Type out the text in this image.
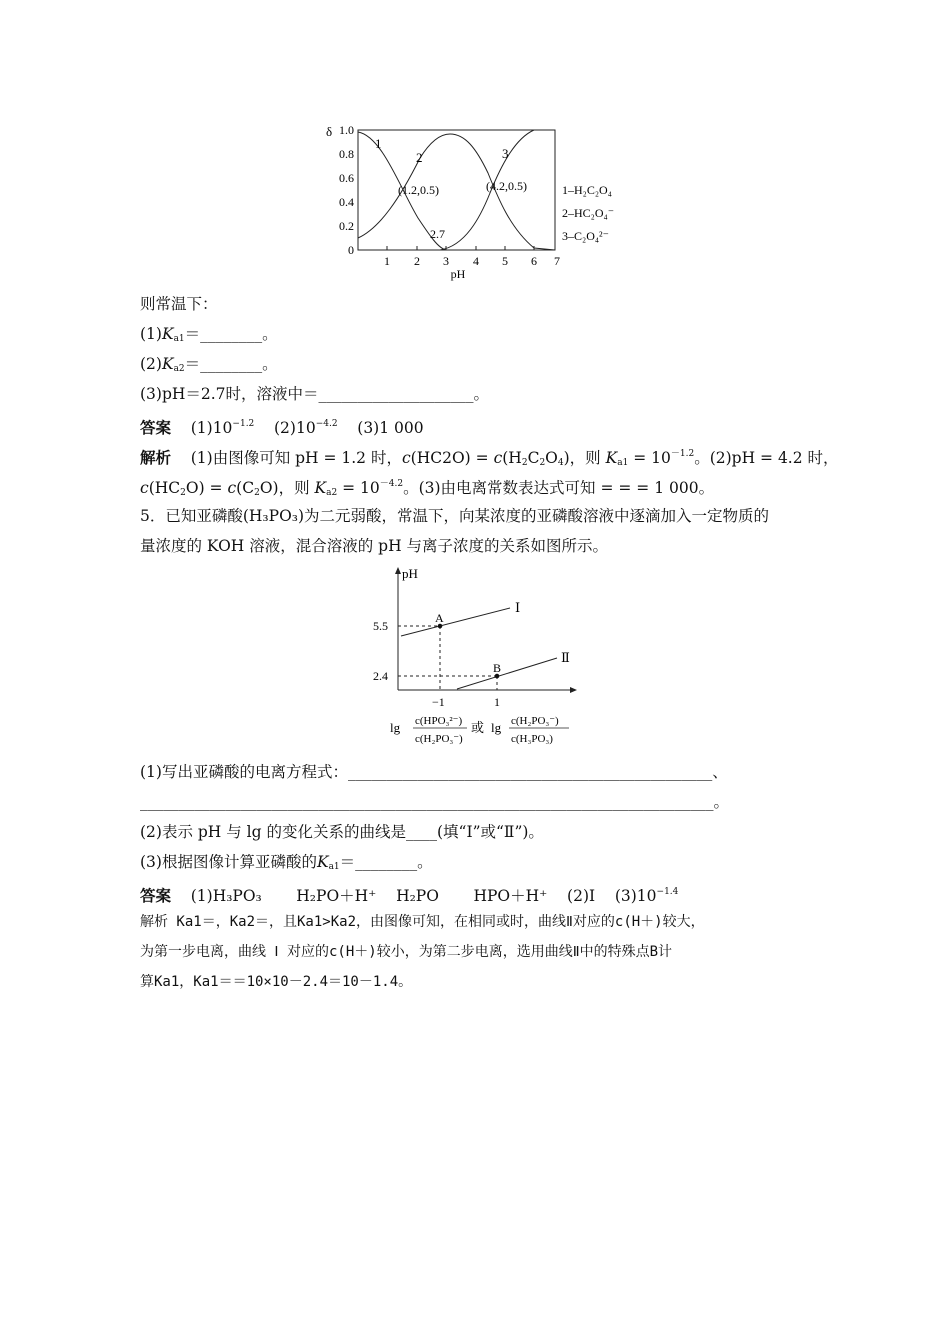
δ 1.0
0.8
0.6
0.4
0.2
0
1 2 3 4 5 6 7
pH
1
2	3
(1.2,0.5)	(4.2,0.5)
2.7
1–H₂C₂O₄
2–HC₂O₄⁻
3–C₂O₄²⁻
则常温下：
$(1)K_{a1}=\_\_\_\_\_\_\_\_$。
$(2)K_{a2}=\_\_\_\_\_\_\_\_$。
(3)pH＝2.7时，溶液中＝____________________。
答案 $(1)10^{-1.2}$ $(2)10^{-4.2}$ (3)1 000
解析 (1)由图像可知 pH = 1.2 时，$c(HC2O) = c(H_2C_2O_4)$，则 $K_{a1} = 10^{-1.2}$。(2)pH = 4.2 时，
$c(HC_2O) = c(C_2O)$，则 $K_{a2} = 10^{-4.2}$。(3)由电离常数表达式可知 = = = 1 000。
5．已知亚磷酸(H₃PO₃)为二元弱酸，常温下，向某浓度的亚磷酸溶液中逐滴加入一定物质的
量浓度的 KOH 溶液，混合溶液的 pH 与离子浓度的关系如图所示。
pH
5.5
2.4
A
B
Ⅰ
Ⅱ
−1	1
lg c(HPO₃²⁻)
c(H₂PO₃⁻)
或 lg c(H₂PO₃⁻)
c(H₃PO₃)
(1)写出亚磷酸的电离方程式：_______________________________________________、
__________________________________________________________________________。
(2)表示 pH 与 lg 的变化关系的曲线是____(填“Ⅰ”或“Ⅱ”)。
(3)根据图像计算亚磷酸的$K_{a1}=\_\_\_\_\_\_\_\_$。
答案 (1)H₃PO₃ H₂PO＋H⁺ H₂PO HPO＋H⁺ (2)Ⅰ $(3)10^{-1.4}$
解析 Ka1＝，Ka2＝，且Ka1>Ka2，由图像可知，在相同或时，曲线Ⅱ对应的c(H＋)较大，
为第一步电离，曲线 Ⅰ 对应的c(H＋)较小，为第二步电离，选用曲线Ⅱ中的特殊点B计
算Ka1，Ka1＝＝10×10－2.4＝10－1.4。
